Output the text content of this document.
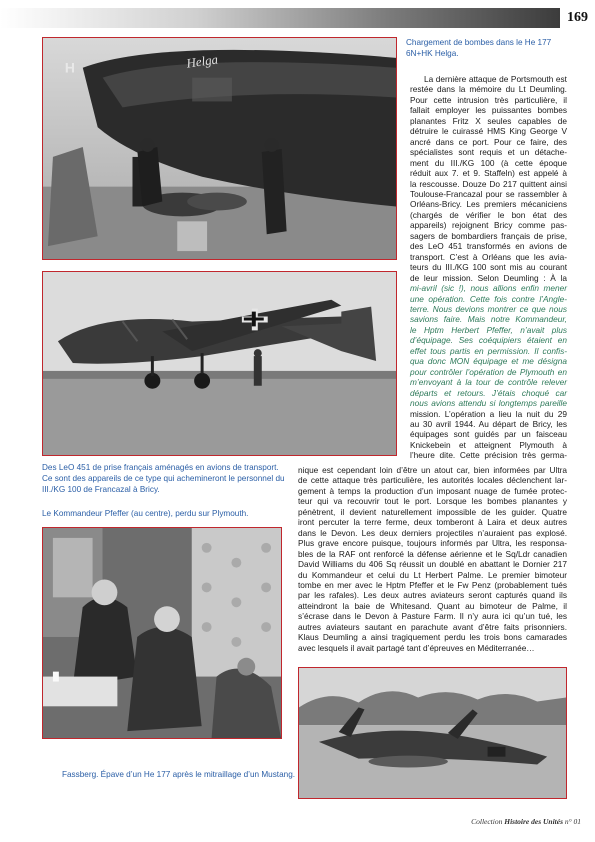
169
Helga
H

Chargement de bombes dans le He 177

6N+HK Helga.

Des LeO 451 de prise français aménagés en avions de transport.

Ce sont des appareils de ce type qui achemineront le personnel du

III./KG 100 de Francazal à Bricy.

Le Kommandeur Pfeffer (au centre), perdu sur Plymouth.

Fassberg. Épave d’un He 177 après le mitraillage d’un Mustang.

La dernière attaque de Portsmouth est
restée dans la mémoire du Lt Deumling.
Pour cette intrusion très particulière, il
fallait employer les puissantes bombes
planantes Fritz X seules capables de
détruire le cuirassé HMS King George V
ancré dans ce port. Pour ce faire, des
spécialistes sont requis et un détache-
ment du III./KG 100 (à cette époque
réduit aux 7. et 9. Staffeln) est appelé à
la rescousse. Douze Do 217 quittent ainsi
Toulouse-Francazal pour se rassembler à
Orléans-Bricy. Les premiers mécaniciens
(chargés de vérifier le bon état des
appareils) rejoignent Bricy comme pas-
sagers de bombardiers français de prise,
des LeO 451 transformés en avions de
transport. C’est à Orléans que les avia-
teurs du III./KG 100 sont mis au courant
de leur mission. Selon Deumling : À la
mi-avril (sic !), nous allions enfin mener
une opération. Cette fois contre l’Angle-
terre. Nous devions montrer ce que nous
savions faire. Mais notre Kommandeur,
le Hptm Herbert Pfeffer, n’avait plus
d’équipage. Ses coéquipiers étaient en
effet tous partis en permission. Il confis-
qua donc MON équipage et me désigna
pour contrôler l’opération de Plymouth en
m’envoyant à la tour de contrôle relever
départs et retours. J’étais choqué car
nous avions attendu si longtemps pareille
mission. L’opération a lieu la nuit du 29
au 30 avril 1944. Au départ de Bricy, les
équipages sont guidés par un faisceau
Knickebein et atteignent Plymouth à
l’heure dite. Cette précision très germa-
nique est cependant loin d’être un atout car, bien informées par Ultra
de cette attaque très particulière, les autorités locales déclenchent lar-
gement à temps la production d’un imposant nuage de fumée protec-
teur qui va recouvrir tout le port. Lorsque les bombes planantes y
pénètrent, il devient naturellement impossible de les guider. Quatre
iront percuter la terre ferme, deux tomberont à Laira et deux autres
dans le Devon. Les deux derniers projectiles n’auraient pas explosé.
Plus grave encore puisque, toujours informés par Ultra, les responsa-
bles de la RAF ont renforcé la défense aérienne et le Sq/Ldr canadien
David Williams du 406 Sq réussit un doublé en abattant le Dornier 217
du Kommandeur et celui du Lt Herbert Palme. Le premier bimoteur
tombe en mer avec le Hptm Pfeffer et le Fw Penz (probablement tués
par les rafales). Les deux autres aviateurs seront capturés quand ils
atteindront la baie de Whitesand. Quant au bimoteur de Palme, il
s’écrase dans le Devon à Pasture Farm. Il n’y aura ici qu’un tué, les
autres aviateurs sautant en parachute avant d’être faits prisonniers.
Klaus Deumling a ainsi tragiquement perdu les trois bons camarades
avec lesquels il avait partagé tant d’épreuves en Méditerranée…
Collection Histoire des Unités n° 01
